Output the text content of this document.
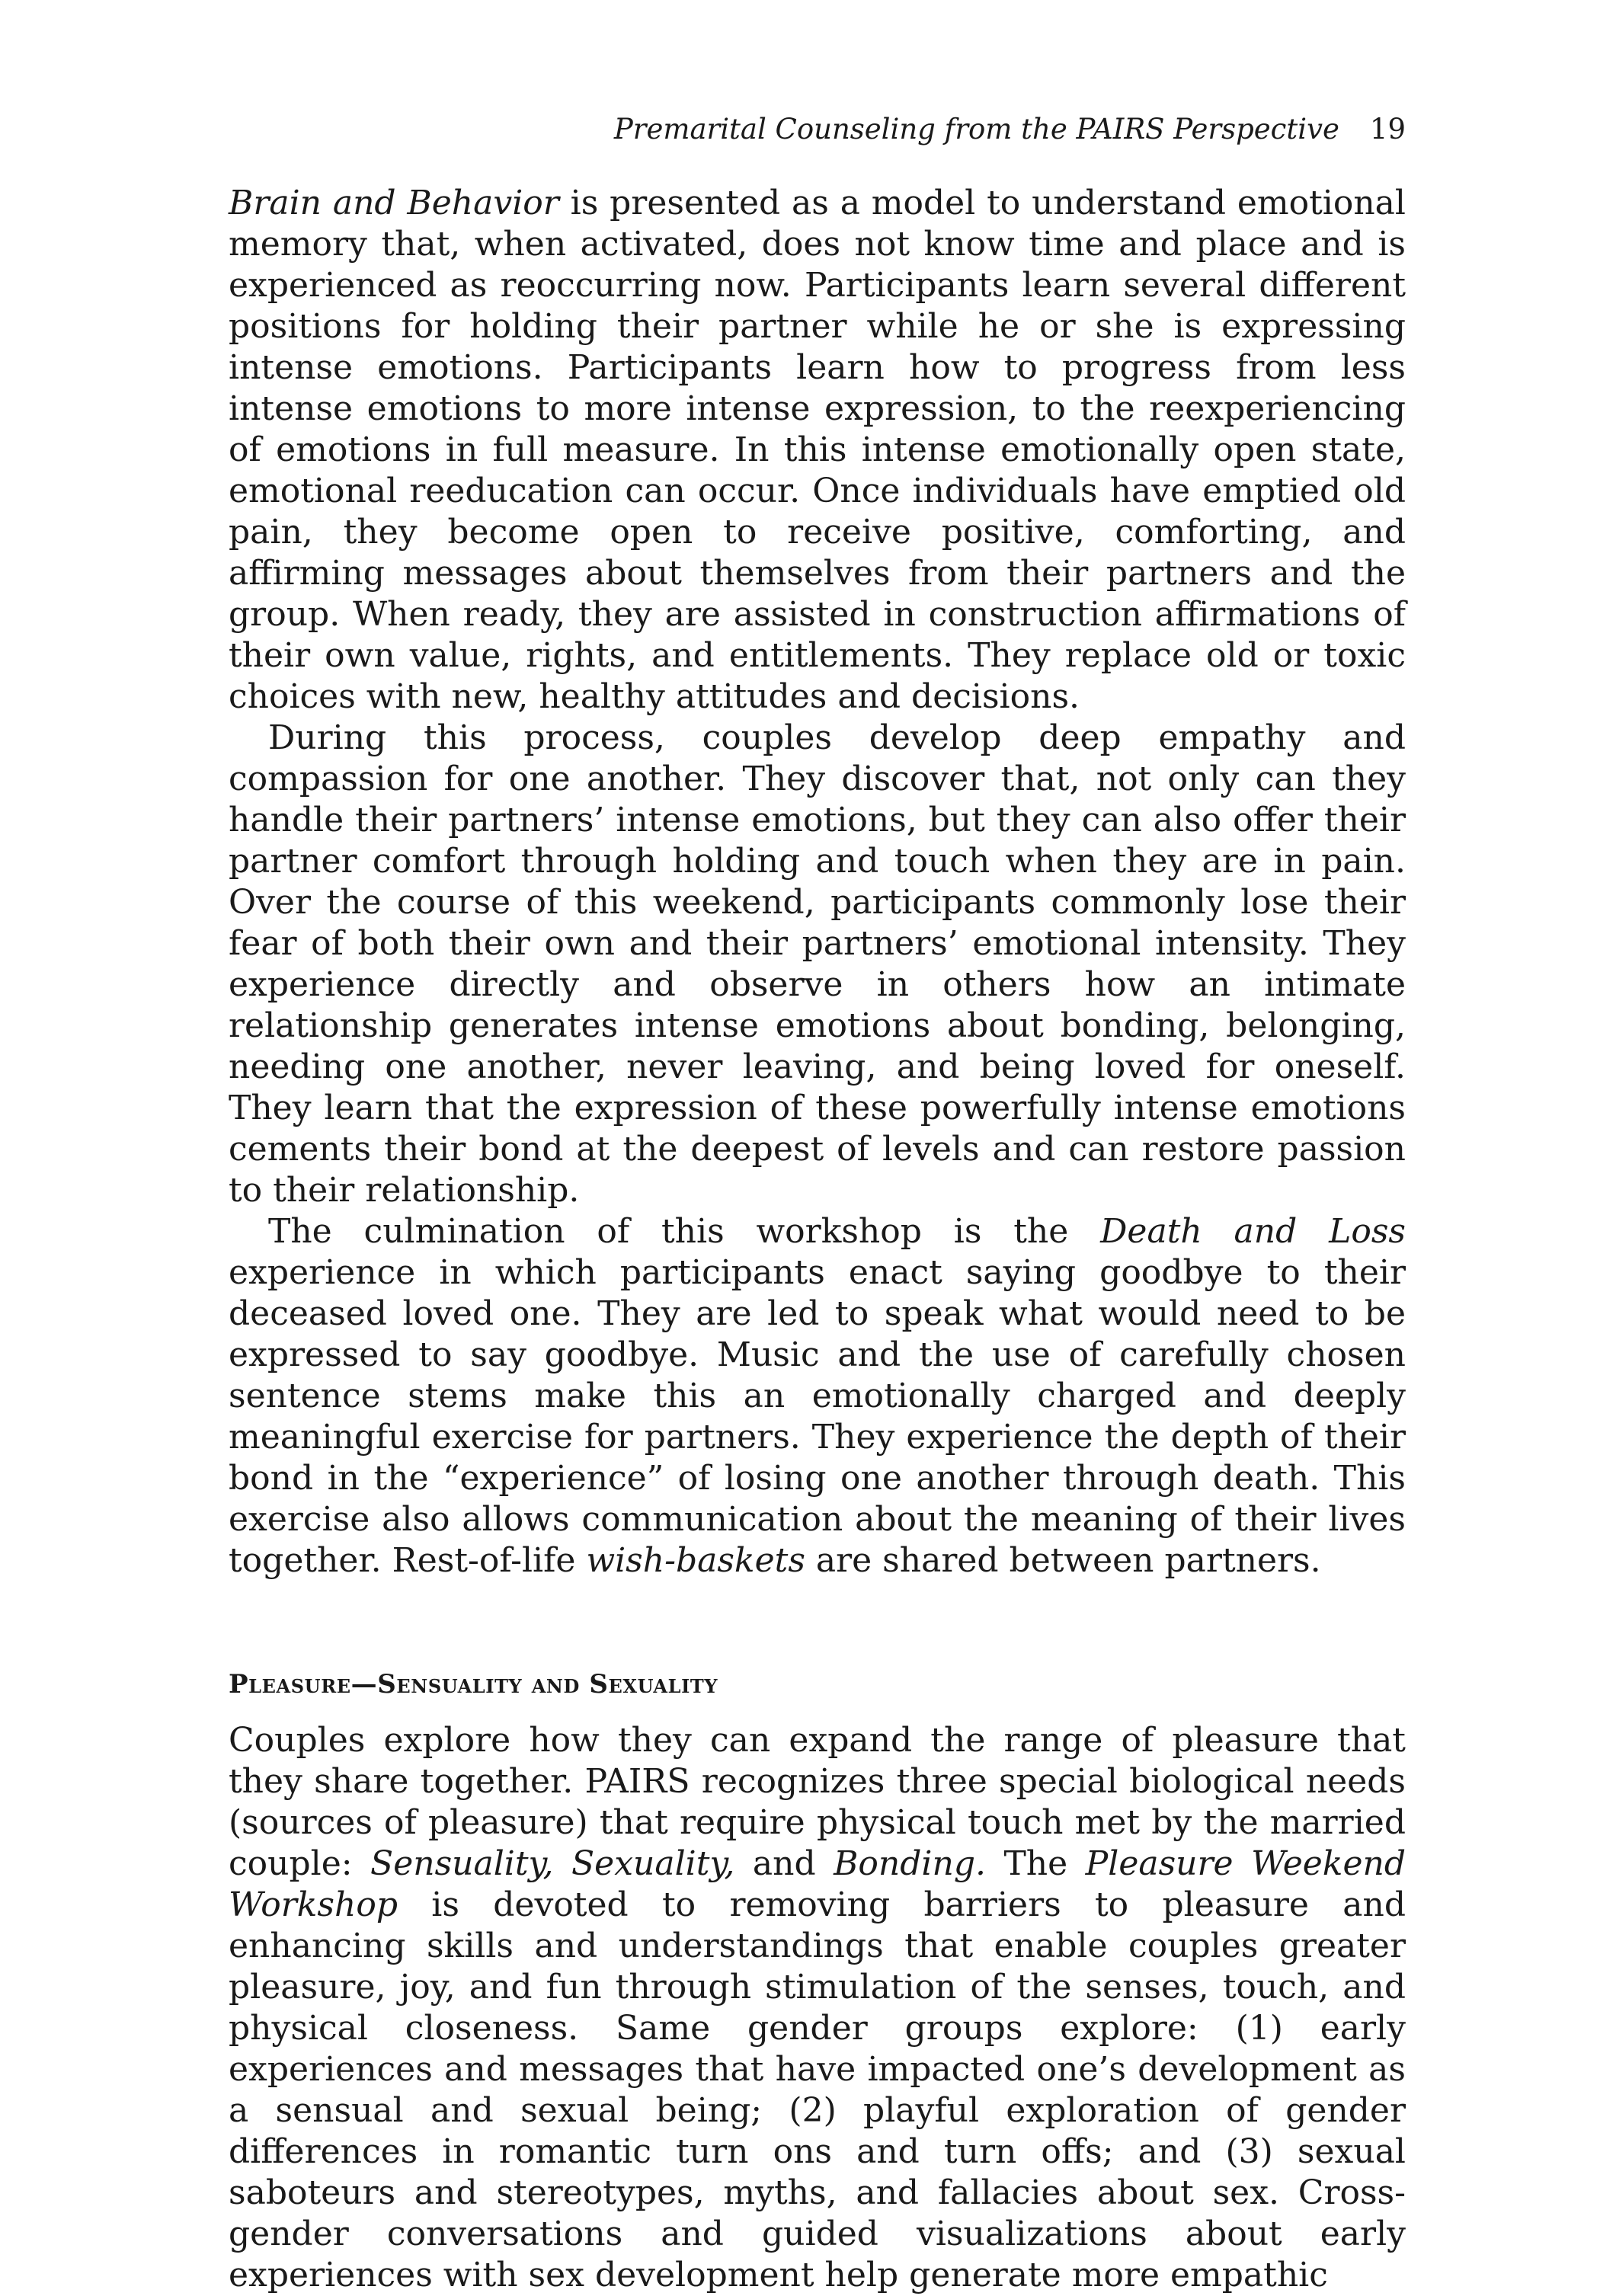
Premarital Counseling from the PAIRS Perspective 19

Brain and Behavior is presented as a model to understand emotional memory that, when activated, does not know time and place and is experienced as reoccurring now. Participants learn several different positions for holding their partner while he or she is expressing intense emotions. Participants learn how to progress from less intense emotions to more intense expression, to the reexperiencing of emotions in full measure. In this intense emotionally open state, emotional reeducation can occur. Once individuals have emptied old pain, they become open to receive positive, comforting, and affirming messages about themselves from their partners and the group. When ready, they are assisted in construction affirmations of their own value, rights, and entitlements. They replace old or toxic choices with new, healthy attitudes and decisions.

During this process, couples develop deep empathy and compassion for one another. They discover that, not only can they handle their partners’ intense emotions, but they can also offer their partner comfort through holding and touch when they are in pain. Over the course of this weekend, participants commonly lose their fear of both their own and their partners’ emotional intensity. They experience directly and observe in others how an intimate relationship generates intense emotions about bonding, belonging, needing one another, never leaving, and being loved for oneself. They learn that the expression of these powerfully intense emotions cements their bond at the deepest of levels and can restore passion to their relationship.

The culmination of this workshop is the Death and Loss experience in which participants enact saying goodbye to their deceased loved one. They are led to speak what would need to be expressed to say goodbye. Music and the use of carefully chosen sentence stems make this an emotionally charged and deeply meaningful exercise for partners. They experience the depth of their bond in the “experience” of losing one another through death. This exercise also allows communication about the meaning of their lives together. Rest-of-life wish-baskets are shared between partners.

Pleasure—Sensuality and Sexuality

Couples explore how they can expand the range of pleasure that they share together. PAIRS recognizes three special biological needs (sources of pleasure) that require physical touch met by the married couple: Sensuality, Sexuality, and Bonding. The Pleasure Weekend Workshop is devoted to removing barriers to pleasure and enhancing skills and understandings that enable couples greater pleasure, joy, and fun through stimulation of the senses, touch, and physical closeness. Same gender groups explore: (1) early experiences and messages that have impacted one’s development as a sensual and sexual being; (2) playful exploration of gender differences in romantic turn ons and turn offs; and (3) sexual saboteurs and stereotypes, myths, and fallacies about sex. Cross-gender conversations and guided visualizations about early experiences with sex development help generate more empathic
